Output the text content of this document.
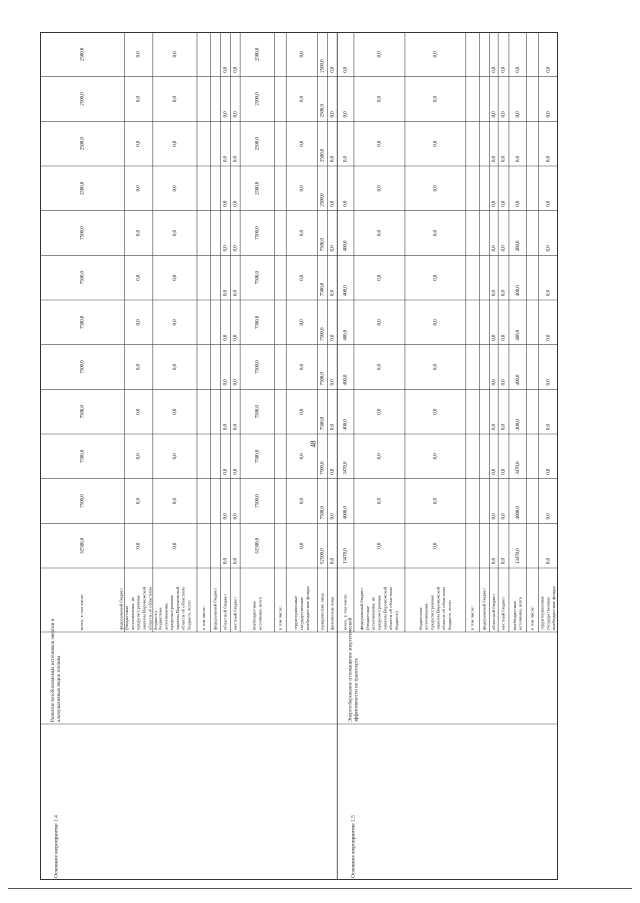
48
Основное мероприятие 1.4
Развитие возобновляемых источников энергии и альтернативных видов топлива
Основное мероприятие 1.5
Энергосбережение и повышение энергетической эффективности на транспорте
всего, в том числе:
62500,0
7500,0
7500,0
7500,0
7500,0
7500,0
7500,0
7500,0
2500,0
2500,0
2500,0
2500,0
федеральный бюджет (бюджетные ассигнования, не предусмотренные законом Воронежской области об областном бюджете)
0,0
0,0
0,0
0,0
0,0
0,0
0,0
0,0
0,0
0,0
0,0
0,0
бюджетные ассигнования, предусмотренные законом Воронежской области об областном бюджете, всего
0,0
0,0
0,0
0,0
0,0
0,0
0,0
0,0
0,0
0,0
0,0
0,0
в том числе: федеральный бюджет областной бюджет
0,0
0,0
0,0
0,0
0,0
0,0
0,0
0,0
0,0
0,0
0,0
0,0
местный бюджет
0,0
0,0
0,0
0,0
0,0
0,0
0,0
0,0
0,0
0,0
0,0
0,0
внебюджетные источники, всего
62500,0
7500,0
7500,0
7500,0
7500,0
7500,0
7500,0
7500,0
2500,0
2500,0
2500,0
2500,0
в том числе: территориальные государственные внебюджетные фонды
0,0
0,0
0,0
0,0
0,0
0,0
0,0
0,0
0,0
0,0
0,0
0,0
юридические лица
62500,0
7500,0
7500,0
7500,0
7500,0
7500,0
7500,0
7500,0
2500,0
2500,0
2500,0
2500,0
физические лица
0,0
0,0
0,0
0,0
0,0
0,0
0,0
0,0
0,0
0,0
0,0
0,0
всего, в том числе:
13470,0
4000,0
3470,0
400,0
400,0
400,0
400,0
400,0
0,0
0,0
0,0
0,0
федеральный бюджет (бюджетные ассигнования, не предусмотренные законом Воронежской области об областном бюджете)
0,0
0,0
0,0
0,0
0,0
0,0
0,0
0,0
0,0
0,0
0,0
0,0
бюджетные ассигнования, предусмотренные законом Воронежской области об областном бюджете, всего
0,0
0,0
0,0
0,0
0,0
0,0
0,0
0,0
0,0
0,0
0,0
0,0
в том числе: федеральный бюджет областной бюджет
0,0
0,0
0,0
0,0
0,0
0,0
0,0
0,0
0,0
0,0
0,0
0,0
местный бюджет
0,0
0,0
0,0
0,0
0,0
0,0
0,0
0,0
0,0
0,0
0,0
0,0
внебюджетные источники, всего
13470,0
4000,0
3470,0
400,0
400,0
400,0
400,0
400,0
0,0
0,0
0,0
0,0
в том числе: территориальные государственные внебюджетные фонды
0,0
0,0
0,0
0,0
0,0
0,0
0,0
0,0
0,0
0,0
0,0
0,0
